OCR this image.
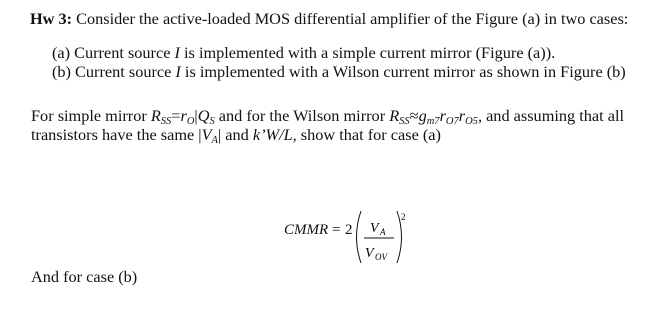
Hw 3: Consider the active-loaded MOS differential amplifier of the Figure (a) in two cases:
(a) Current source I is implemented with a simple current mirror (Figure (a)).
(b) Current source I is implemented with a Wilson current mirror as shown in Figure (b)
For simple mirror $R_{SS}=r_O|Q_S$ and for the Wilson mirror $R_{SS}\approx g_{m7}r_{O7}r_{O5}$, and assuming that all
transistors have the same $|V_A|$ and k’W/L, show that for case (a)
CMMR = 2 V A
V OV
2
And for case (b)
